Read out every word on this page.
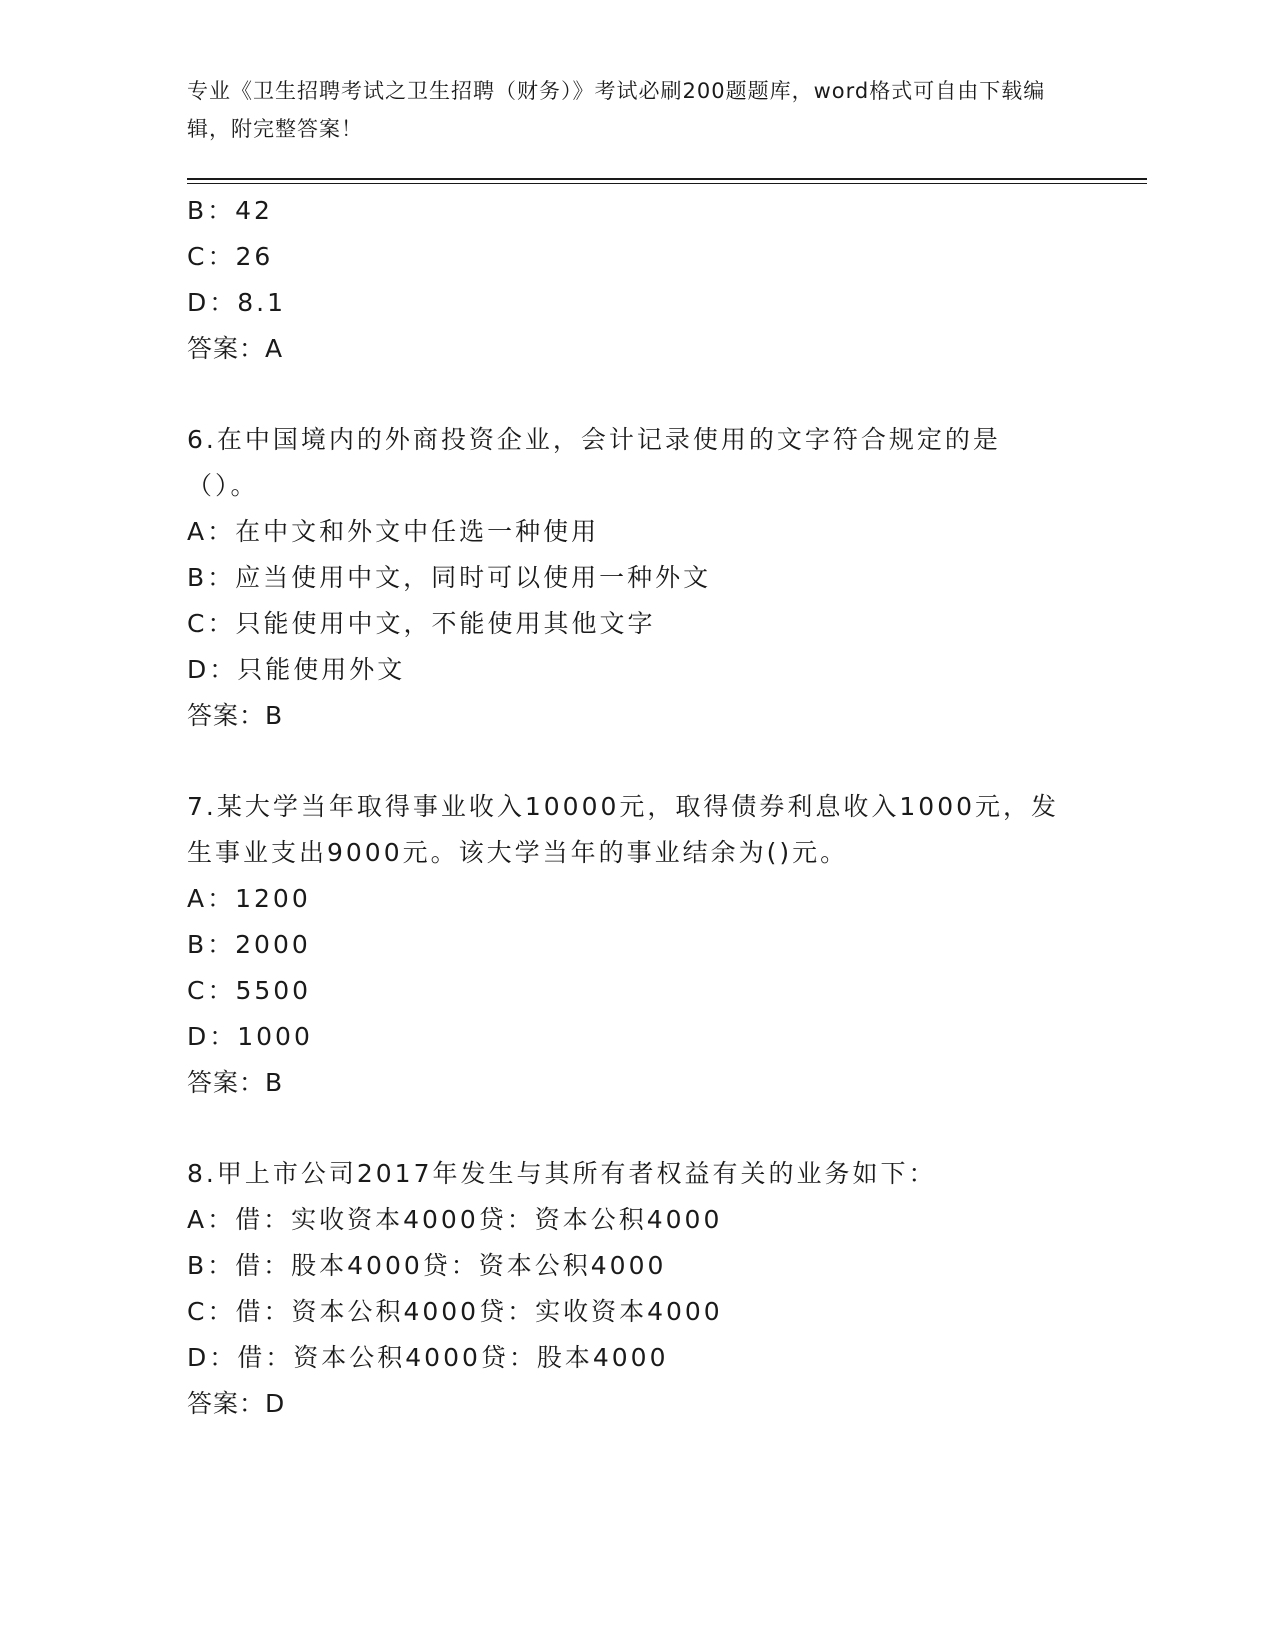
专业《卫生招聘考试之卫生招聘（财务）》考试必刷200题题库，word格式可自由下载编辑，附完整答案！
B：42
C：26
D：8.1
答案：A
6.在中国境内的外商投资企业，会计记录使用的文字符合规定的是（）。
A：在中文和外文中任选一种使用
B：应当使用中文，同时可以使用一种外文
C：只能使用中文，不能使用其他文字
D：只能使用外文
答案：B
7.某大学当年取得事业收入10000元，取得债券利息收入1000元，发生事业支出9000元。该大学当年的事业结余为()元。
A：1200
B：2000
C：5500
D：1000
答案：B
8.甲上市公司2017年发生与其所有者权益有关的业务如下：
A：借：实收资本4000贷：资本公积4000
B：借：股本4000贷：资本公积4000
C：借：资本公积4000贷：实收资本4000
D：借：资本公积4000贷：股本4000
答案：D
